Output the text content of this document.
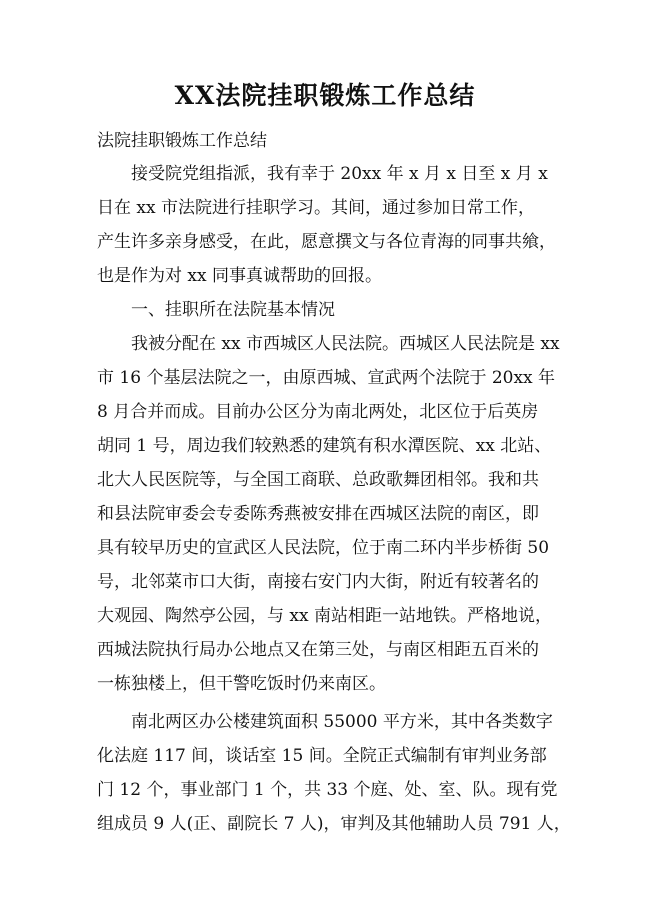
XX法院挂职锻炼工作总结
法院挂职锻炼工作总结

接受院党组指派，我有幸于 20xx 年 x 月 x 日至 x 月 x
日在 xx 市法院进行挂职学习。其间，通过参加日常工作，
产生许多亲身感受，在此，愿意撰文与各位青海的同事共飨，
也是作为对 xx 同事真诚帮助的回报。

一、挂职所在法院基本情况

我被分配在 xx 市西城区人民法院。西城区人民法院是 xx
市 16 个基层法院之一，由原西城、宣武两个法院于 20xx 年
8 月合并而成。目前办公区分为南北两处，北区位于后英房
胡同 1 号，周边我们较熟悉的建筑有积水潭医院、xx 北站、
北大人民医院等，与全国工商联、总政歌舞团相邻。我和共
和县法院审委会专委陈秀燕被安排在西城区法院的南区，即
具有较早历史的宣武区人民法院，位于南二环内半步桥街 50
号，北邻菜市口大街，南接右安门内大街，附近有较著名的
大观园、陶然亭公园，与 xx 南站相距一站地铁。严格地说，
西城法院执行局办公地点又在第三处，与南区相距五百米的
一栋独楼上，但干警吃饭时仍来南区。

南北两区办公楼建筑面积 55000 平方米，其中各类数字
化法庭 117 间，谈话室 15 间。全院正式编制有审判业务部
门 12 个，事业部门 1 个，共 33 个庭、处、室、队。现有党
组成员 9 人(正、副院长 7 人)，审判及其他辅助人员 791 人，
